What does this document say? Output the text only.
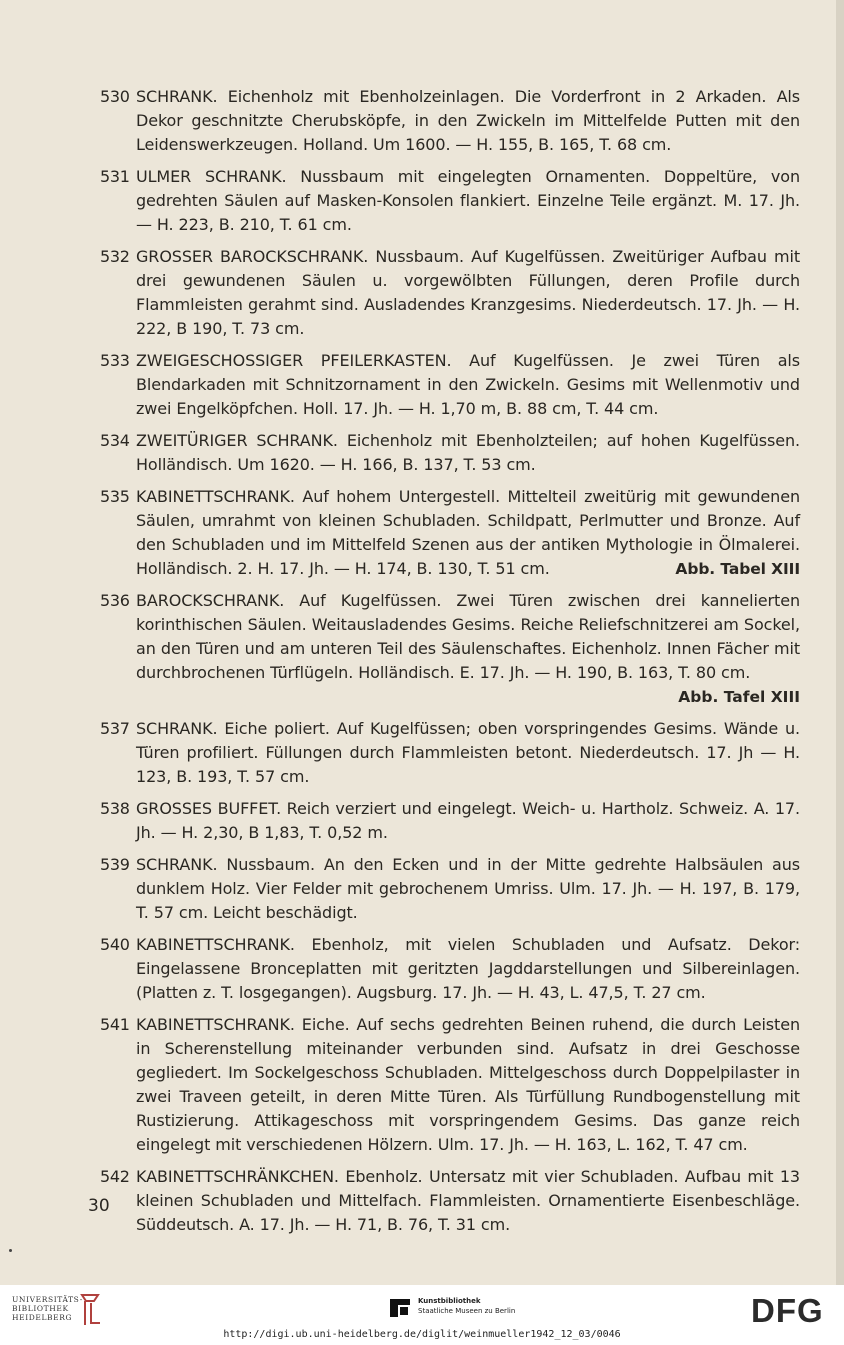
530 SCHRANK. Eichenholz mit Ebenholzeinlagen. Die Vorderfront in 2 Arkaden. Als Dekor geschnitzte Cherubsköpfe, in den Zwickeln im Mittelfelde Putten mit den Leidenswerkzeugen. Holland. Um 1600. — H. 155, B. 165, T. 68 cm.
531 ULMER SCHRANK. Nussbaum mit eingelegten Ornamenten. Doppeltüre, von gedrehten Säulen auf Masken-Konsolen flankiert. Einzelne Teile ergänzt. M. 17. Jh. — H. 223, B. 210, T. 61 cm.
532 GROSSER BAROCKSCHRANK. Nussbaum. Auf Kugelfüssen. Zweitüriger Aufbau mit drei gewundenen Säulen u. vorgewölbten Füllungen, deren Profile durch Flammleisten gerahmt sind. Ausladendes Kranzgesims. Niederdeutsch. 17. Jh. — H. 222, B 190, T. 73 cm.
533 ZWEIGESCHOSSIGER PFEILERKASTEN. Auf Kugelfüssen. Je zwei Türen als Blendarkaden mit Schnitzornament in den Zwickeln. Gesims mit Wellenmotiv und zwei Engelköpfchen. Holl. 17. Jh. — H. 1,70 m, B. 88 cm, T. 44 cm.
534 ZWEITÜRIGER SCHRANK. Eichenholz mit Ebenholzteilen; auf hohen Kugelfüssen. Holländisch. Um 1620. — H. 166, B. 137, T. 53 cm.
535 KABINETTSCHRANK. Auf hohem Untergestell. Mittelteil zweitürig mit gewundenen Säulen, umrahmt von kleinen Schubladen. Schildpatt, Perlmutter und Bronze. Auf den Schubladen und im Mittelfeld Szenen aus der antiken Mythologie in Ölmalerei. Holländisch. 2. H. 17. Jh. — H. 174, B. 130, T. 51 cm.	Abb. Tabel XIII
536 BAROCKSCHRANK. Auf Kugelfüssen. Zwei Türen zwischen drei kannelierten korinthischen Säulen. Weitausladendes Gesims. Reiche Reliefschnitzerei am Sockel, an den Türen und am unteren Teil des Säulenschaftes. Eichenholz. Innen Fächer mit durchbrochenen Türflügeln. Holländisch. E. 17. Jh. — H. 190, B. 163, T. 80 cm.
Abb. Tafel XIII
537 SCHRANK. Eiche poliert. Auf Kugelfüssen; oben vorspringendes Gesims. Wände u. Türen profiliert. Füllungen durch Flammleisten betont. Niederdeutsch. 17. Jh — H. 123, B. 193, T. 57 cm.
538 GROSSES BUFFET. Reich verziert und eingelegt. Weich- u. Hartholz. Schweiz. A. 17. Jh. — H. 2,30, B 1,83, T. 0,52 m.
539 SCHRANK. Nussbaum. An den Ecken und in der Mitte gedrehte Halbsäulen aus dunklem Holz. Vier Felder mit gebrochenem Umriss. Ulm. 17. Jh. — H. 197, B. 179, T. 57 cm. Leicht beschädigt.
540 KABINETTSCHRANK. Ebenholz, mit vielen Schubladen und Aufsatz. Dekor: Eingelassene Bronceplatten mit geritzten Jagddarstellungen und Silbereinlagen. (Platten z. T. losgegangen). Augsburg. 17. Jh. — H. 43, L. 47,5, T. 27 cm.
541 KABINETTSCHRANK. Eiche. Auf sechs gedrehten Beinen ruhend, die durch Leisten in Scherenstellung miteinander verbunden sind. Aufsatz in drei Geschosse gegliedert. Im Sockelgeschoss Schubladen. Mittelgeschoss durch Doppelpilaster in zwei Traveen geteilt, in deren Mitte Türen. Als Türfüllung Rundbogenstellung mit Rustizierung. Attikageschoss mit vorspringendem Gesims. Das ganze reich eingelegt mit verschiedenen Hölzern. Ulm. 17. Jh. — H. 163, L. 162, T. 47 cm.
542 KABINETTSCHRÄNKCHEN. Ebenholz. Untersatz mit vier Schubladen. Aufbau mit 13 kleinen Schubladen und Mittelfach. Flammleisten. Ornamentierte Eisenbeschläge. Süddeutsch. A. 17. Jh. — H. 71, B. 76, T. 31 cm.
30
UNIVERSITÄTS-
BIBLIOTHEK
HEIDELBERG
Kunstbibliothek
Staatliche Museen zu Berlin	DFG
http://digi.ub.uni-heidelberg.de/diglit/weinmueller1942_12_03/0046
